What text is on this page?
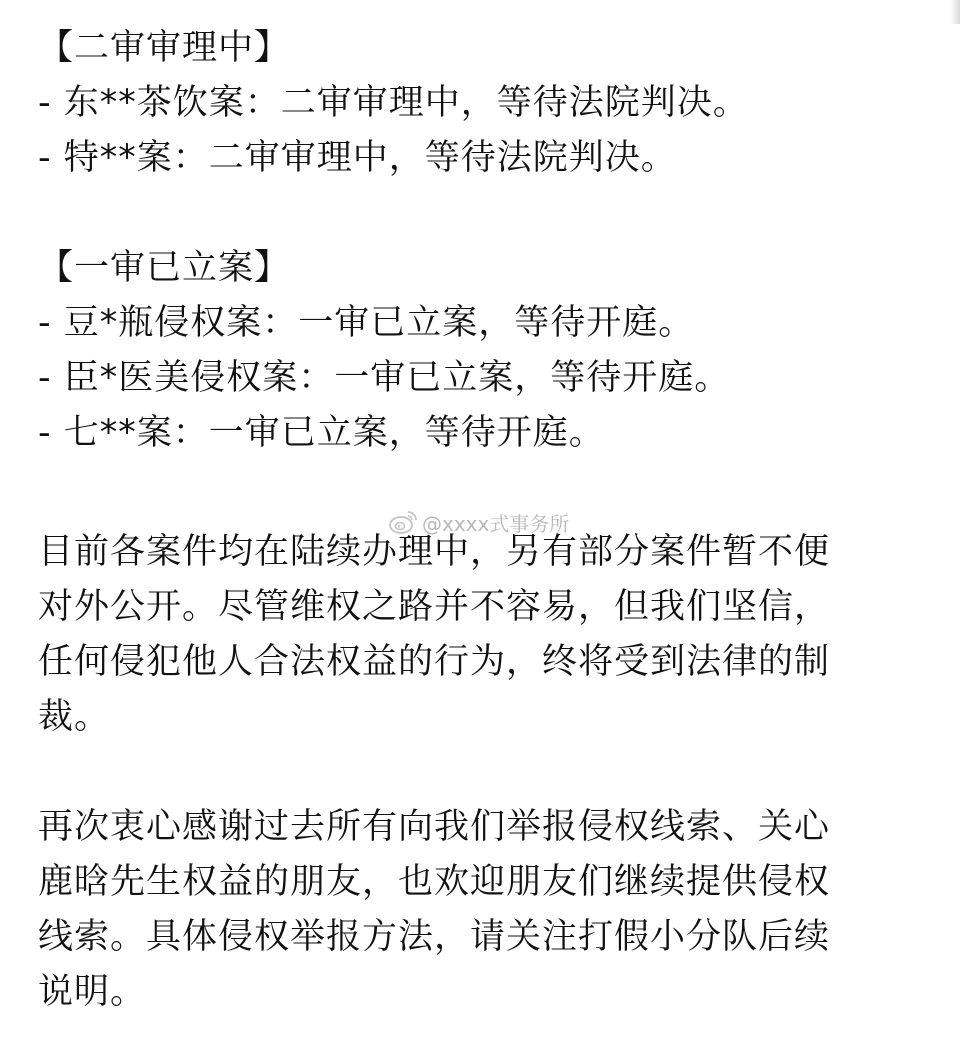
【二审审理中】
- 东**茶饮案：二审审理中，等待法院判决。
- 特**案：二审审理中，等待法院判决。
【一审已立案】
- 豆*瓶侵权案：一审已立案，等待开庭。
- 臣*医美侵权案：一审已立案，等待开庭。
- 七**案：一审已立案，等待开庭。
@xxxx式事务所
目前各案件均在陆续办理中，另有部分案件暂不便
对外公开。尽管维权之路并不容易，但我们坚信，
任何侵犯他人合法权益的行为，终将受到法律的制
裁。
再次衷心感谢过去所有向我们举报侵权线索、关心
鹿晗先生权益的朋友，也欢迎朋友们继续提供侵权
线索。具体侵权举报方法，请关注打假小分队后续
说明。
